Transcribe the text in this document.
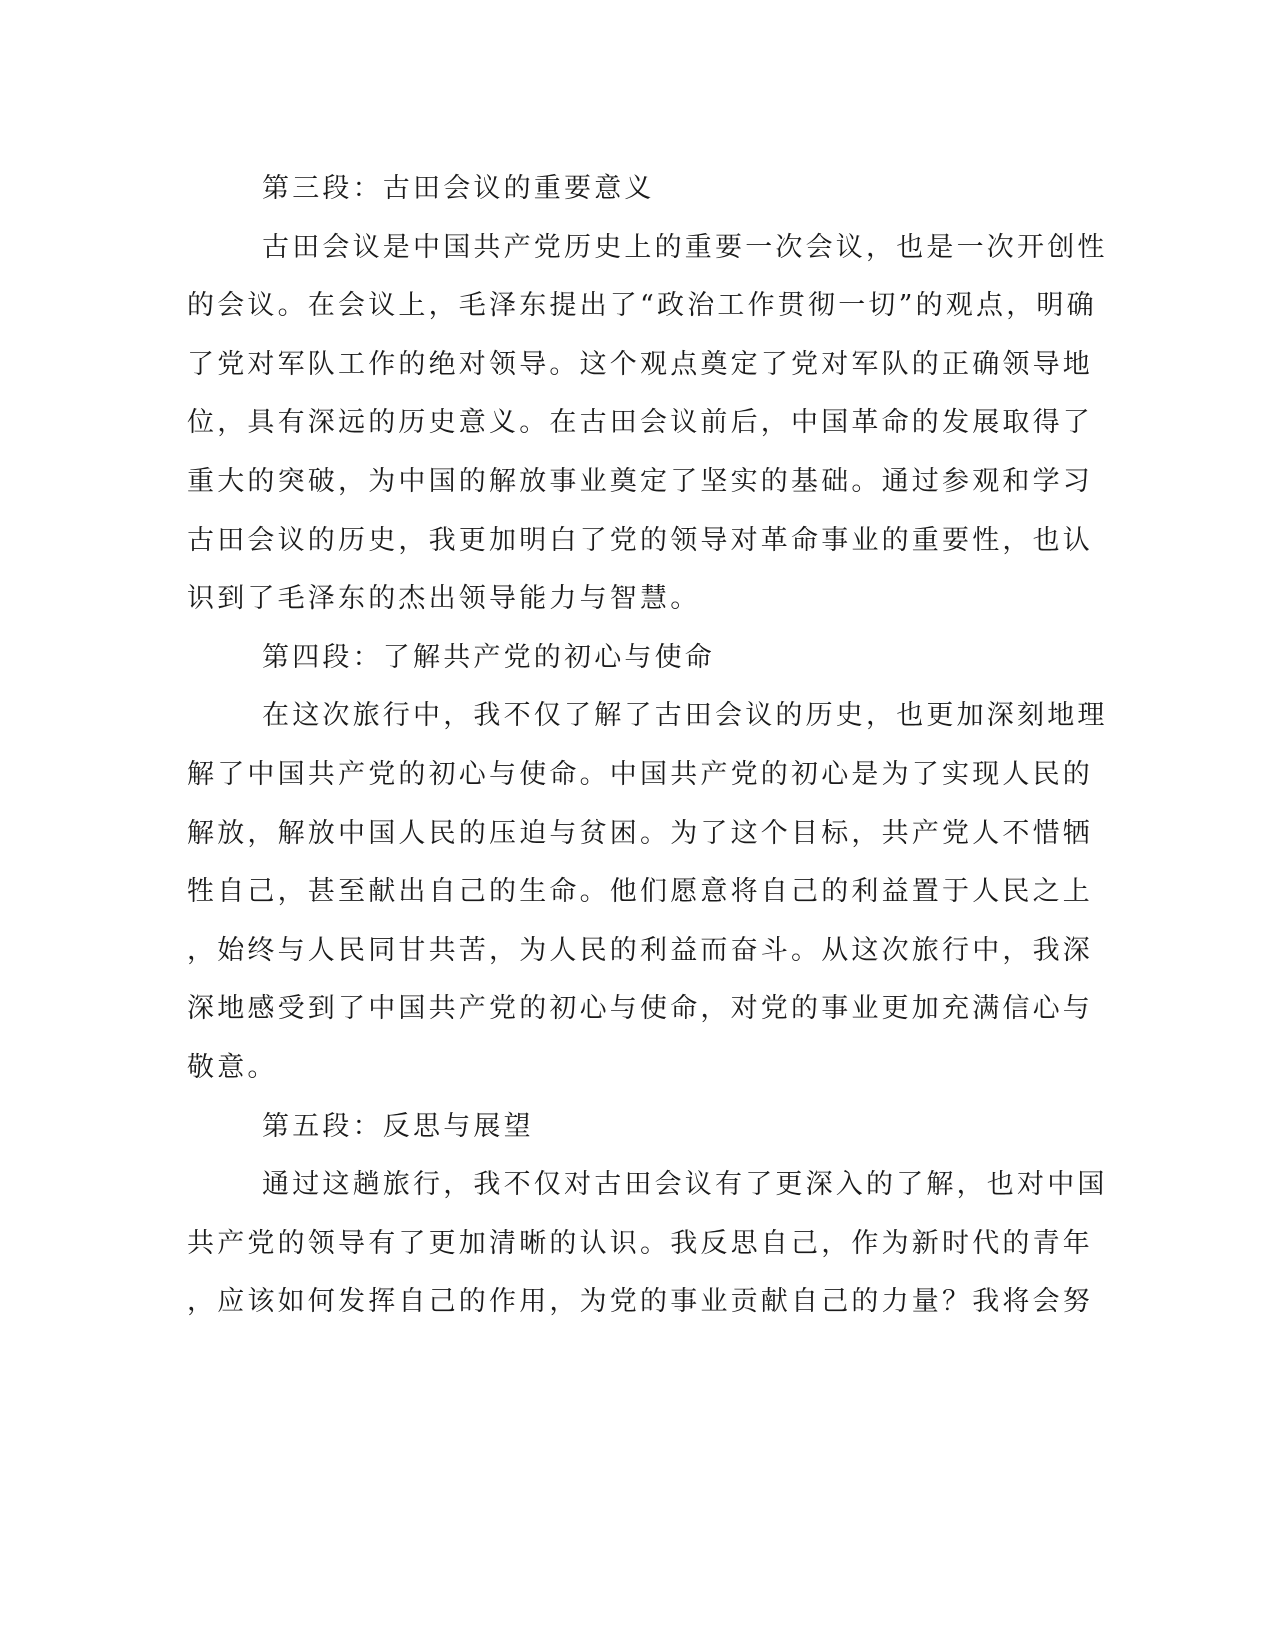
第三段：古田会议的重要意义

古田会议是中国共产党历史上的重要一次会议，也是一次开创性
的会议。在会议上，毛泽东提出了“政治工作贯彻一切”的观点，明确
了党对军队工作的绝对领导。这个观点奠定了党对军队的正确领导地
位，具有深远的历史意义。在古田会议前后，中国革命的发展取得了
重大的突破，为中国的解放事业奠定了坚实的基础。通过参观和学习
古田会议的历史，我更加明白了党的领导对革命事业的重要性，也认
识到了毛泽东的杰出领导能力与智慧。

第四段：了解共产党的初心与使命

在这次旅行中，我不仅了解了古田会议的历史，也更加深刻地理
解了中国共产党的初心与使命。中国共产党的初心是为了实现人民的
解放，解放中国人民的压迫与贫困。为了这个目标，共产党人不惜牺
牲自己，甚至献出自己的生命。他们愿意将自己的利益置于人民之上
，始终与人民同甘共苦，为人民的利益而奋斗。从这次旅行中，我深
深地感受到了中国共产党的初心与使命，对党的事业更加充满信心与
敬意。

第五段：反思与展望

通过这趟旅行，我不仅对古田会议有了更深入的了解，也对中国
共产党的领导有了更加清晰的认识。我反思自己，作为新时代的青年
，应该如何发挥自己的作用，为党的事业贡献自己的力量？我将会努
